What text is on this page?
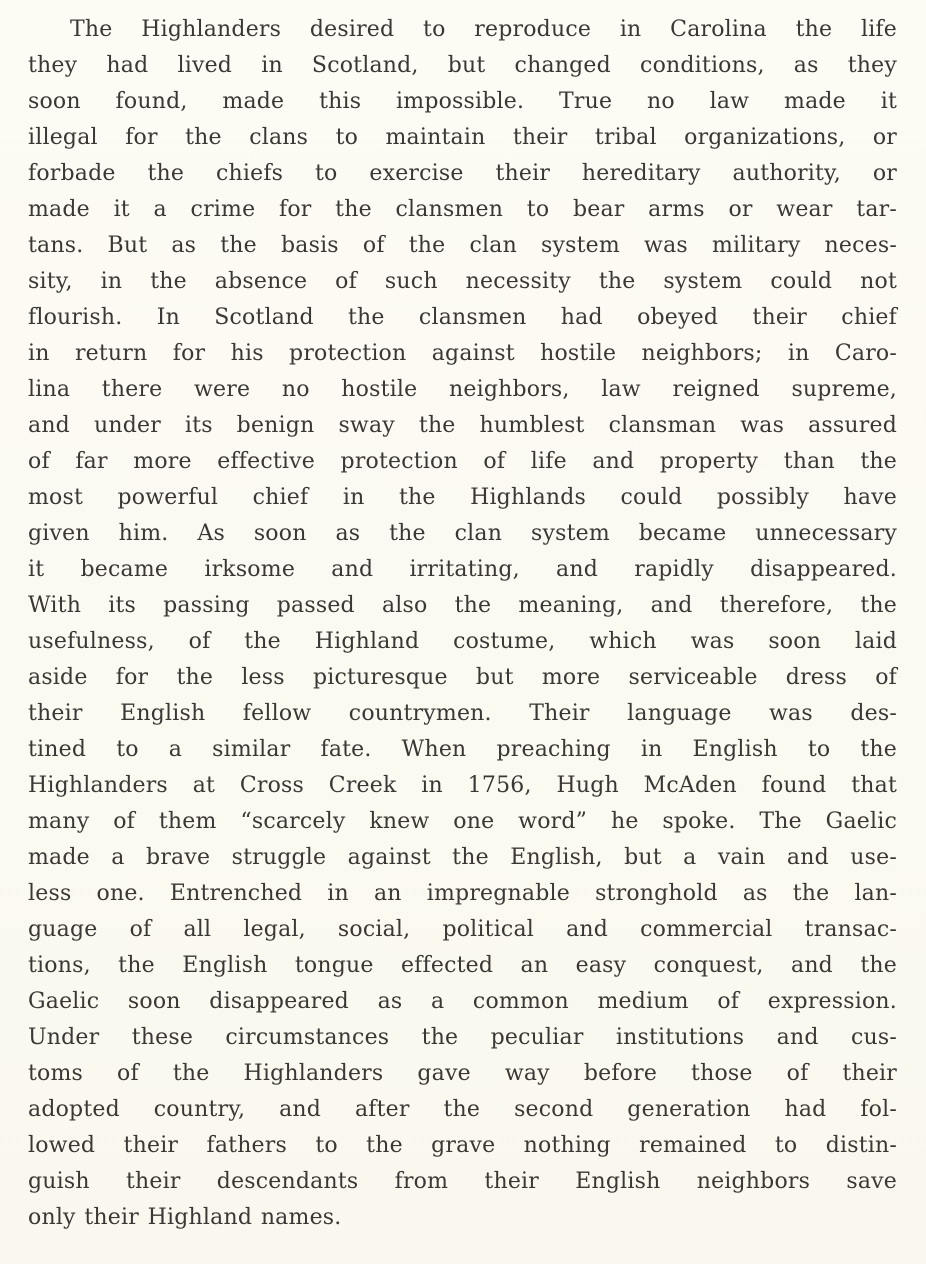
The Highlanders desired to reproduce in Carolina the life
they had lived in Scotland, but changed conditions, as they
soon found, made this impossible. True no law made it
illegal for the clans to maintain their tribal organizations, or
forbade the chiefs to exercise their hereditary authority, or
made it a crime for the clansmen to bear arms or wear tar-
tans. But as the basis of the clan system was military neces-
sity, in the absence of such necessity the system could not
flourish. In Scotland the clansmen had obeyed their chief
in return for his protection against hostile neighbors; in Caro-
lina there were no hostile neighbors, law reigned supreme,
and under its benign sway the humblest clansman was assured
of far more effective protection of life and property than the
most powerful chief in the Highlands could possibly have
given him. As soon as the clan system became unnecessary
it became irksome and irritating, and rapidly disappeared.
With its passing passed also the meaning, and therefore, the
usefulness, of the Highland costume, which was soon laid
aside for the less picturesque but more serviceable dress of
their English fellow countrymen. Their language was des-
tined to a similar fate. When preaching in English to the
Highlanders at Cross Creek in 1756, Hugh McAden found that
many of them “scarcely knew one word” he spoke. The Gaelic
made a brave struggle against the English, but a vain and use-
less one. Entrenched in an impregnable stronghold as the lan-
guage of all legal, social, political and commercial transac-
tions, the English tongue effected an easy conquest, and the
Gaelic soon disappeared as a common medium of expression.
Under these circumstances the peculiar institutions and cus-
toms of the Highlanders gave way before those of their
adopted country, and after the second generation had fol-
lowed their fathers to the grave nothing remained to distin-
guish their descendants from their English neighbors save
only their Highland names.
